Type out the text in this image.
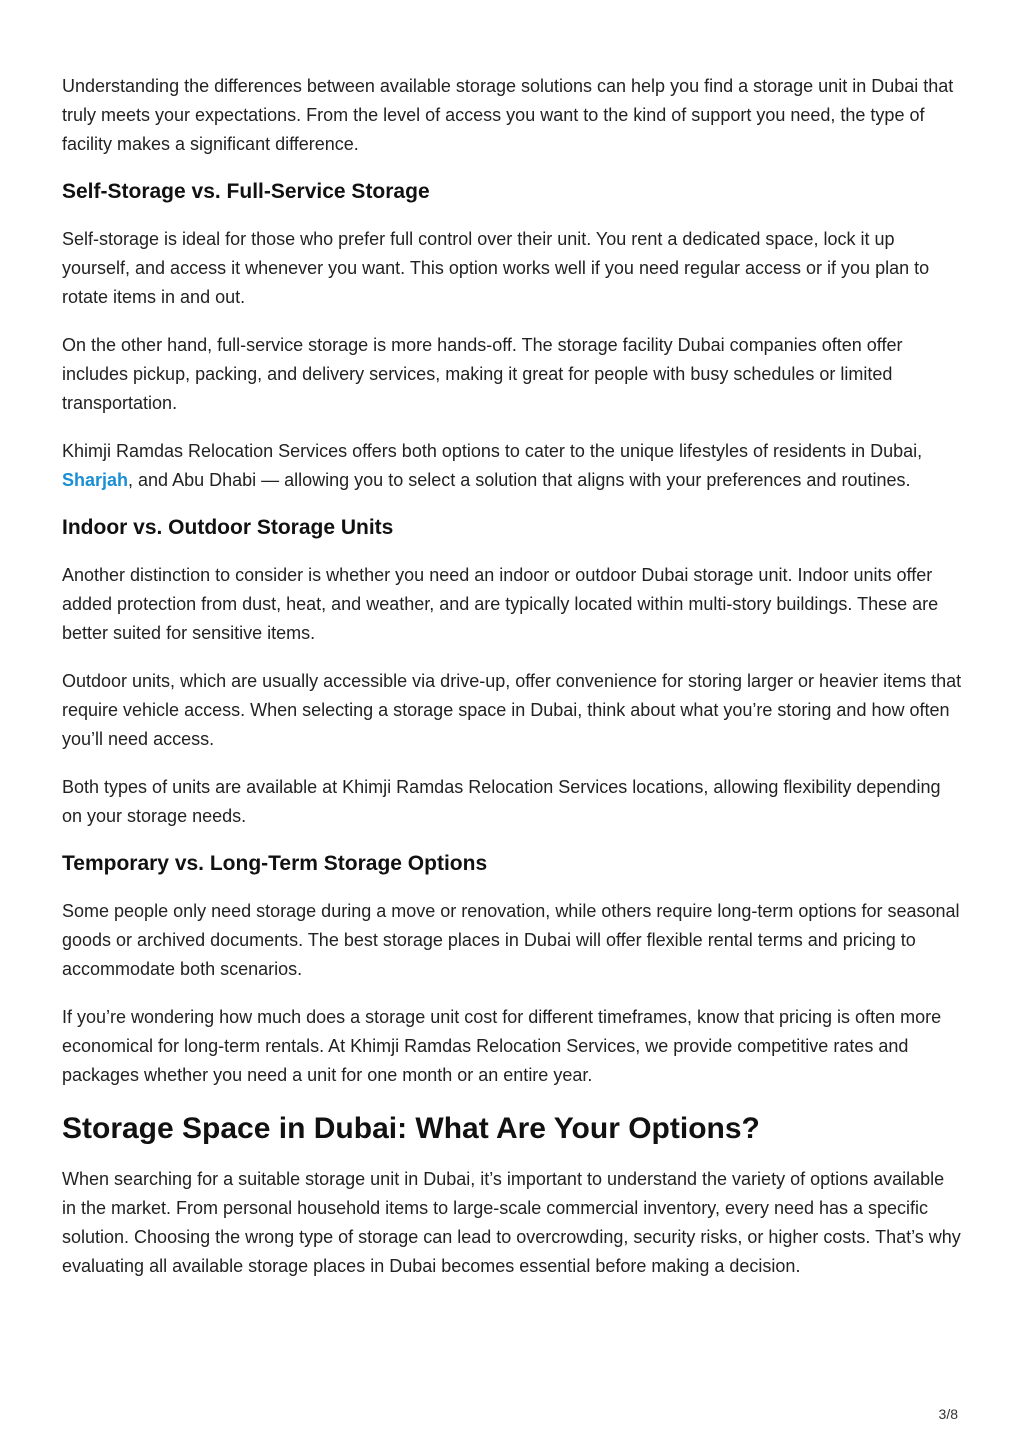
Understanding the differences between available storage solutions can help you find a storage unit in Dubai that truly meets your expectations. From the level of access you want to the kind of support you need, the type of facility makes a significant difference.

Self-Storage vs. Full-Service Storage

Self-storage is ideal for those who prefer full control over their unit. You rent a dedicated space, lock it up yourself, and access it whenever you want. This option works well if you need regular access or if you plan to rotate items in and out.

On the other hand, full-service storage is more hands-off. The storage facility Dubai companies often offer includes pickup, packing, and delivery services, making it great for people with busy schedules or limited transportation.

Khimji Ramdas Relocation Services offers both options to cater to the unique lifestyles of residents in Dubai, Sharjah, and Abu Dhabi — allowing you to select a solution that aligns with your preferences and routines.

Indoor vs. Outdoor Storage Units

Another distinction to consider is whether you need an indoor or outdoor Dubai storage unit. Indoor units offer added protection from dust, heat, and weather, and are typically located within multi-story buildings. These are better suited for sensitive items.

Outdoor units, which are usually accessible via drive-up, offer convenience for storing larger or heavier items that require vehicle access. When selecting a storage space in Dubai, think about what you’re storing and how often you’ll need access.

Both types of units are available at Khimji Ramdas Relocation Services locations, allowing flexibility depending on your storage needs.

Temporary vs. Long-Term Storage Options

Some people only need storage during a move or renovation, while others require long-term options for seasonal goods or archived documents. The best storage places in Dubai will offer flexible rental terms and pricing to accommodate both scenarios.

If you’re wondering how much does a storage unit cost for different timeframes, know that pricing is often more economical for long-term rentals. At Khimji Ramdas Relocation Services, we provide competitive rates and packages whether you need a unit for one month or an entire year.

Storage Space in Dubai: What Are Your Options?

When searching for a suitable storage unit in Dubai, it’s important to understand the variety of options available in the market. From personal household items to large-scale commercial inventory, every need has a specific solution. Choosing the wrong type of storage can lead to overcrowding, security risks, or higher costs. That’s why evaluating all available storage places in Dubai becomes essential before making a decision.

3/8
